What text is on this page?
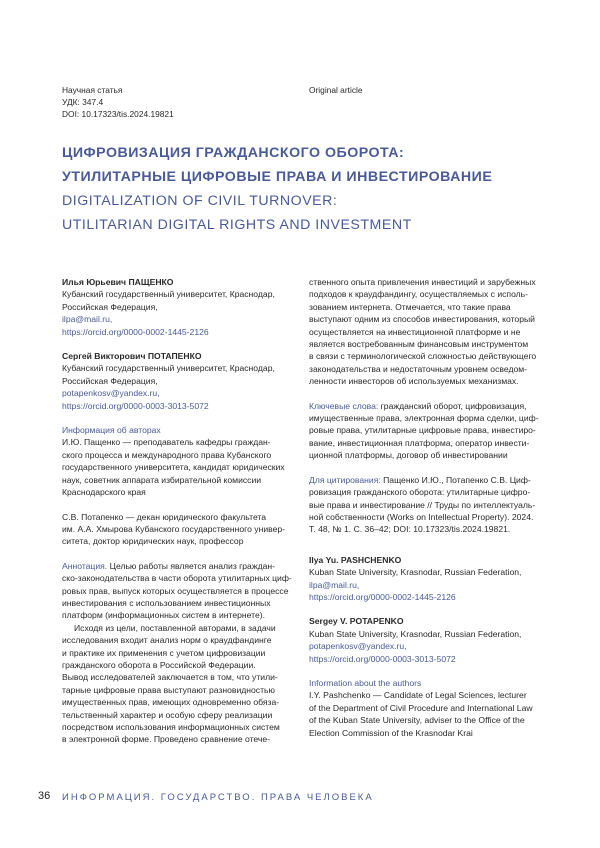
Научная статья
УДК: 347.4
DOI: 10.17323/tis.2024.19821
Original article
ЦИФРОВИЗАЦИЯ ГРАЖДАНСКОГО ОБОРОТА:
УТИЛИТАРНЫЕ ЦИФРОВЫЕ ПРАВА И ИНВЕСТИРОВАНИЕ
DIGITALIZATION OF CIVIL TURNOVER:
UTILITARIAN DIGITAL RIGHTS AND INVESTMENT
Илья Юрьевич ПАЩЕНКО
Кубанский государственный университет, Краснодар,
Российская Федерация,
ilpa@mail.ru,
https://orcid.org/0000-0002-1445-2126
Сергей Викторович ПОТАПЕНКО
Кубанский государственный университет, Краснодар,
Российская Федерация,
potapenkosv@yandex.ru,
https://orcid.org/0000-0003-3013-5072
Информация об авторах
И.Ю. Пащенко — преподаватель кафедры граждан-
ского процесса и международного права Кубанского
государственного университета, кандидат юридических
наук, советник аппарата избирательной комиссии
Краснодарского края
С.В. Потапенко — декан юридического факультета
им. А.А. Хмырова Кубанского государственного универ-
ситета, доктор юридических наук, профессор
Аннотация. Целью работы является анализ граждан-
ско-законодательства в части оборота утилитарных циф-
ровых прав, выпуск которых осуществляется в процессе
инвестирования с использованием инвестиционных
платформ (информационных систем в интернете).
Исходя из цели, поставленной авторами, в задачи
исследования входит анализ норм о краудфандинге
и практике их применения с учетом цифровизации
гражданского оборота в Российской Федерации.
Вывод исследователей заключается в том, что утили-
тарные цифровые права выступают разновидностью
имущественных прав, имеющих одновременно обяза-
тельственный характер и особую сферу реализации
посредством использования информационных систем
в электронной форме. Проведено сравнение отече-
ственного опыта привлечения инвестиций и зарубежных
подходов к краудфандингу, осуществляемых с исполь-
зованием интернета. Отмечается, что такие права
выступают одним из способов инвестирования, который
осуществляется на инвестиционной платформе и не
является востребованным финансовым инструментом
в связи с терминологической сложностью действующего
законодательства и недостаточным уровнем осведом-
ленности инвесторов об используемых механизмах.
Ключевые слова: гражданский оборот, цифровизация,
имущественные права, электронная форма сделки, циф-
ровые права, утилитарные цифровые права, инвестиро-
вание, инвестиционная платформа, оператор инвести-
ционной платформы, договор об инвестировании
Для цитирования: Пащенко И.Ю., Потапенко С.В. Циф-
ровизация гражданского оборота: утилитарные цифро-
вые права и инвестирование // Труды по интеллектуаль-
ной собственности (Works on Intellectual Property). 2024.
Т. 48, № 1. С. 36–42; DOI: 10.17323/tis.2024.19821.
Ilya Yu. PASHCHENKO
Kuban State University, Krasnodar, Russian Federation,
ilpa@mail.ru,
https://orcid.org/0000-0002-1445-2126
Sergey V. POTAPENKO
Kuban State University, Krasnodar, Russian Federation,
potapenkosv@yandex.ru,
https://orcid.org/0000-0003-3013-5072
Information about the authors
I.Y. Pashchenko — Candidate of Legal Sciences, lecturer
of the Department of Civil Procedure and International Law
of the Kuban State University, adviser to the Office of the
Election Commission of the Krasnodar Krai
36 ИНФОРМАЦИЯ. ГОСУДАРСТВО. ПРАВА ЧЕЛОВЕКА
